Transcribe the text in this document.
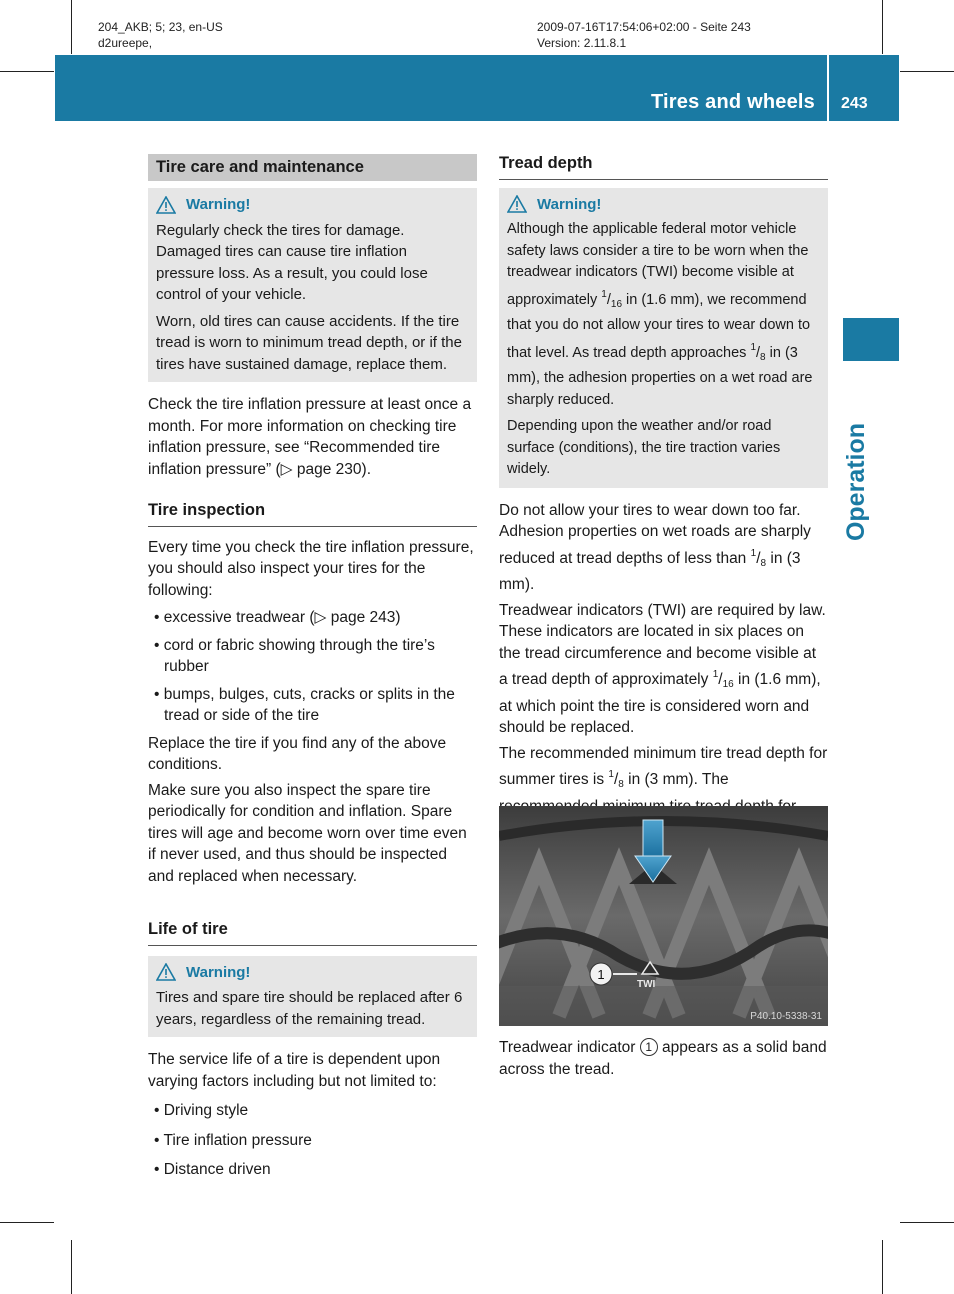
204_AKB; 5; 23, en-US
d2ureepe,
2009-07-16T17:54:06+02:00 - Seite 243
Version: 2.11.8.1
Tires and wheels 243
Operation
Tire care and maintenance
Warning!

Regularly check the tires for damage. Damaged tires can cause tire inflation pressure loss. As a result, you could lose control of your vehicle.

Worn, old tires can cause accidents. If the tire tread is worn to minimum tread depth, or if the tires have sustained damage, replace them.

Check the tire inflation pressure at least once a month. For more information on checking tire inflation pressure, see “Recommended tire inflation pressure” (▷ page 230).

Tire inspection

Every time you check the tire inflation pressure, you should also inspect your tires for the following:

• excessive treadwear (▷ page 243)
• cord or fabric showing through the tire’s rubber
• bumps, bulges, cuts, cracks or splits in the tread or side of the tire

Replace the tire if you find any of the above conditions.

Make sure you also inspect the spare tire periodically for condition and inflation. Spare tires will age and become worn over time even if never used, and thus should be inspected and replaced when necessary.

Life of tire
Warning!

Tires and spare tire should be replaced after 6 years, regardless of the remaining tread.

The service life of a tire is dependent upon varying factors including but not limited to:

• Driving style
• Tire inflation pressure
• Distance driven
Tread depth
Warning!

Although the applicable federal motor vehicle safety laws consider a tire to be worn when the treadwear indicators (TWI) become visible at approximately $^1/_{16}$ in (1.6 mm), we recommend that you do not allow your tires to wear down to that level. As tread depth approaches $^1/_8$ in (3 mm), the adhesion properties on a wet road are sharply reduced.

Depending upon the weather and/or road surface (conditions), the tire traction varies widely.

Do not allow your tires to wear down too far. Adhesion properties on wet roads are sharply reduced at tread depths of less than $^1/_8$ in (3 mm).

Treadwear indicators (TWI) are required by law. These indicators are located in six places on the tread circumference and become visible at a tread depth of approximately $^1/_{16}$ in (1.6 mm), at which point the tire is considered worn and should be replaced.

The recommended minimum tire tread depth for summer tires is $^1/_8$ in (3 mm). The

1
TWI
P40.10-5338-31

Treadwear indicator 1 appears as a solid band across the tread.
